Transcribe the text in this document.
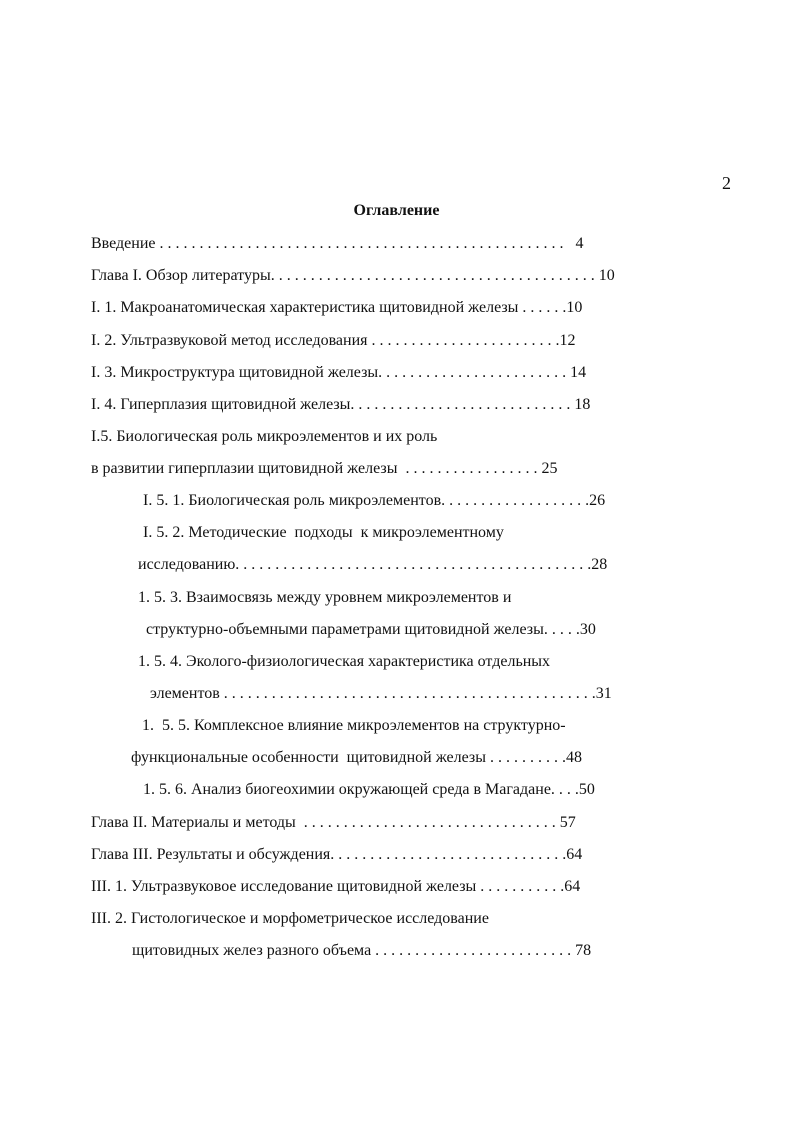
2
Оглавление
Введение . . . . . . . . . . . . . . . . . . . . . . . . . . . . . . . . . . . . . . . . . . . . . . . . . . .   4
Глава I. Обзор литературы. . . . . . . . . . . . . . . . . . . . . . . . . . . . . . . . . . . . . . . . . 10
I. 1. Макроанатомическая характеристика щитовидной железы . . . . . .10
I. 2. Ультразвуковой метод исследования . . . . . . . . . . . . . . . . . . . . . . . .12
I. 3. Микроструктура щитовидной железы. . . . . . . . . . . . . . . . . . . . . . . . 14
I. 4. Гиперплазия щитовидной железы. . . . . . . . . . . . . . . . . . . . . . . . . . . . 18
I.5. Биологическая роль микроэлементов и их роль
в развитии гиперплазии щитовидной железы  . . . . . . . . . . . . . . . . . 25
I. 5. 1. Биологическая роль микроэлементов. . . . . . . . . . . . . . . . . . .26
I. 5. 2. Методические  подходы  к микроэлементному
исследованию. . . . . . . . . . . . . . . . . . . . . . . . . . . . . . . . . . . . . . . . . . . . .28
1. 5. 3. Взаимосвязь между уровнем микроэлементов и
структурно-объемными параметрами щитовидной железы. . . . .30
1. 5. 4. Эколого-физиологическая характеристика отдельных
элементов . . . . . . . . . . . . . . . . . . . . . . . . . . . . . . . . . . . . . . . . . . . . . . .31
1.  5. 5. Комплексное влияние микроэлементов на структурно-
функциональные особенности  щитовидной железы . . . . . . . . . .48
1. 5. 6. Анализ биогеохимии окружающей среда в Магадане. . . .50
Глава II. Материалы и методы  . . . . . . . . . . . . . . . . . . . . . . . . . . . . . . . . 57
Глава III. Результаты и обсуждения. . . . . . . . . . . . . . . . . . . . . . . . . . . . . .64
III. 1. Ультразвуковое исследование щитовидной железы . . . . . . . . . . .64
III. 2. Гистологическое и морфометрическое исследование
щитовидных желез разного объема . . . . . . . . . . . . . . . . . . . . . . . . . 78
